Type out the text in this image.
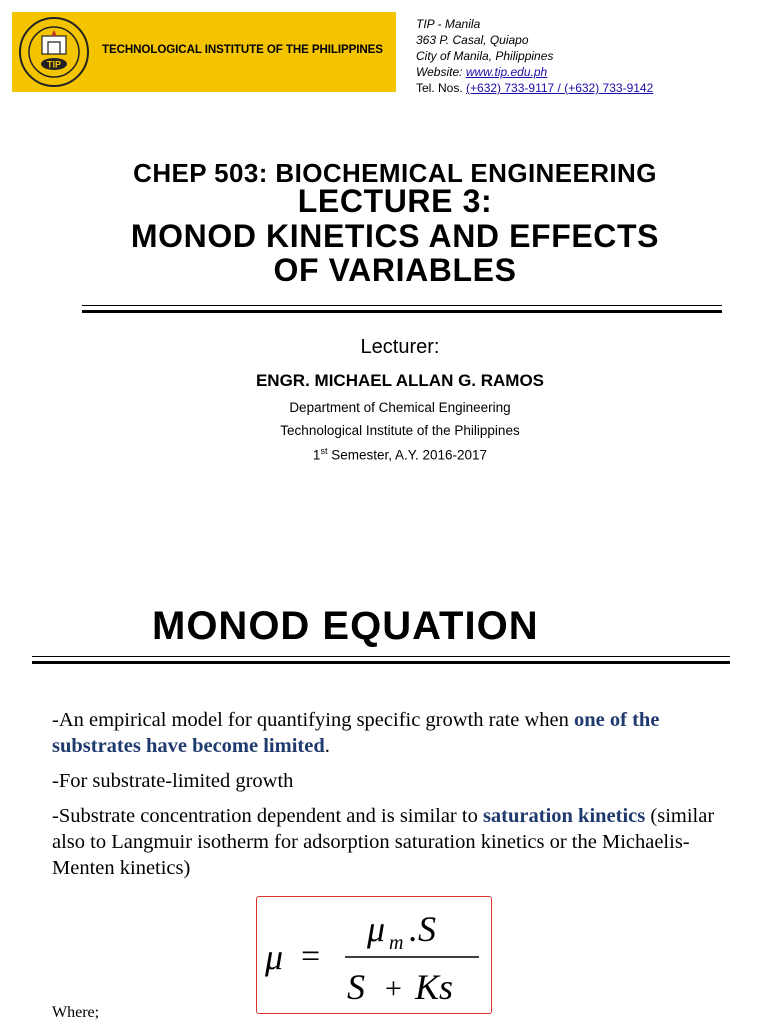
TIP
TECHNOLOGICAL INSTITUTE OF THE PHILIPPINES
TIP - Manila
363 P. Casal, Quiapo
City of Manila, Philippines
Website: www.tip.edu.ph
Tel. Nos. (+632) 733-9117 / (+632) 733-9142
CHEP 503: BIOCHEMICAL ENGINEERING
LECTURE 3:
MONOD KINETICS AND EFFECTS
OF VARIABLES
Lecturer:
ENGR. MICHAEL ALLAN G. RAMOS
Department of Chemical Engineering
Technological Institute of the Philippines
1st Semester, A.Y. 2016-2017
MONOD EQUATION
-An empirical model for quantifying specific growth rate when one of the substrates have become limited.
-For substrate-limited growth
-Substrate concentration dependent and is similar to saturation kinetics (similar also to Langmuir isotherm for adsorption saturation kinetics or the Michaelis-Menten kinetics)
μ =
μ m .S
S + Ks
Where;
